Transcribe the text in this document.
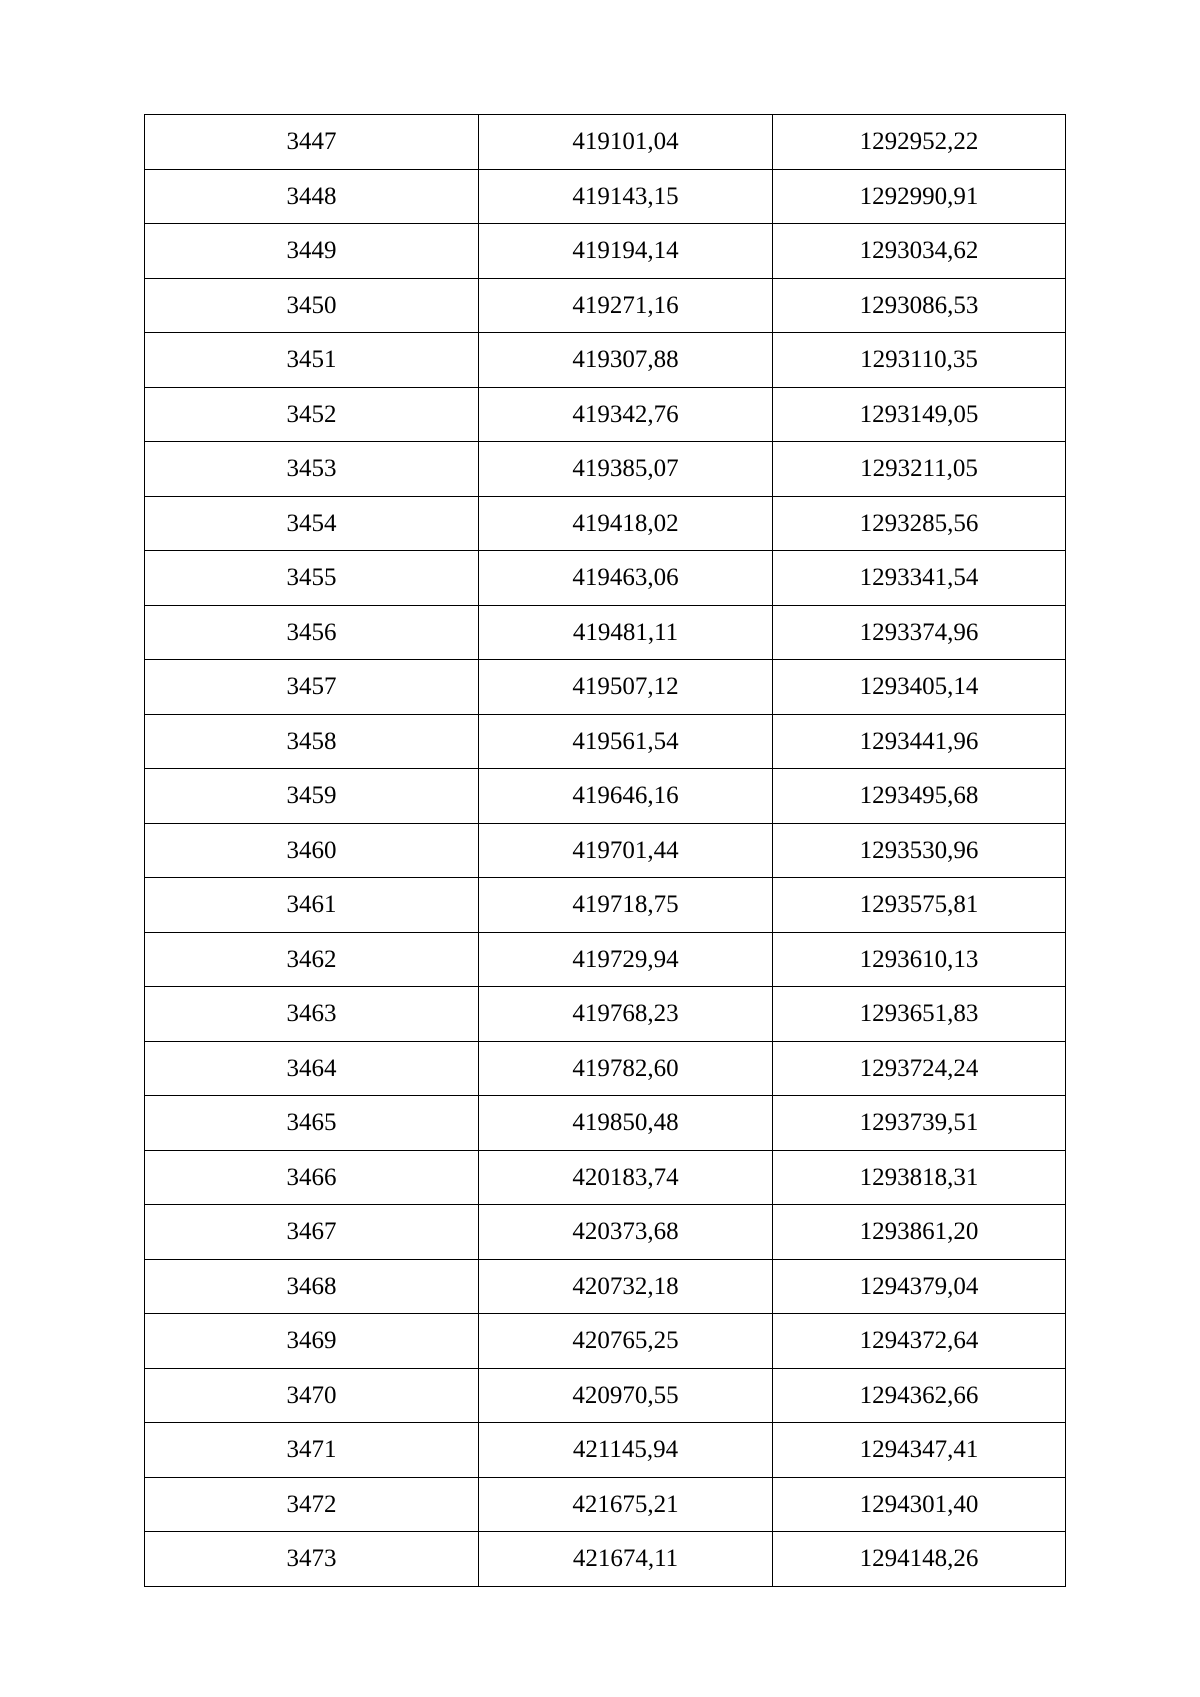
3447	419101,04	1292952,22
3448	419143,15	1292990,91
3449	419194,14	1293034,62
3450	419271,16	1293086,53
3451	419307,88	1293110,35
3452	419342,76	1293149,05
3453	419385,07	1293211,05
3454	419418,02	1293285,56
3455	419463,06	1293341,54
3456	419481,11	1293374,96
3457	419507,12	1293405,14
3458	419561,54	1293441,96
3459	419646,16	1293495,68
3460	419701,44	1293530,96
3461	419718,75	1293575,81
3462	419729,94	1293610,13
3463	419768,23	1293651,83
3464	419782,60	1293724,24
3465	419850,48	1293739,51
3466	420183,74	1293818,31
3467	420373,68	1293861,20
3468	420732,18	1294379,04
3469	420765,25	1294372,64
3470	420970,55	1294362,66
3471	421145,94	1294347,41
3472	421675,21	1294301,40
3473	421674,11	1294148,26
